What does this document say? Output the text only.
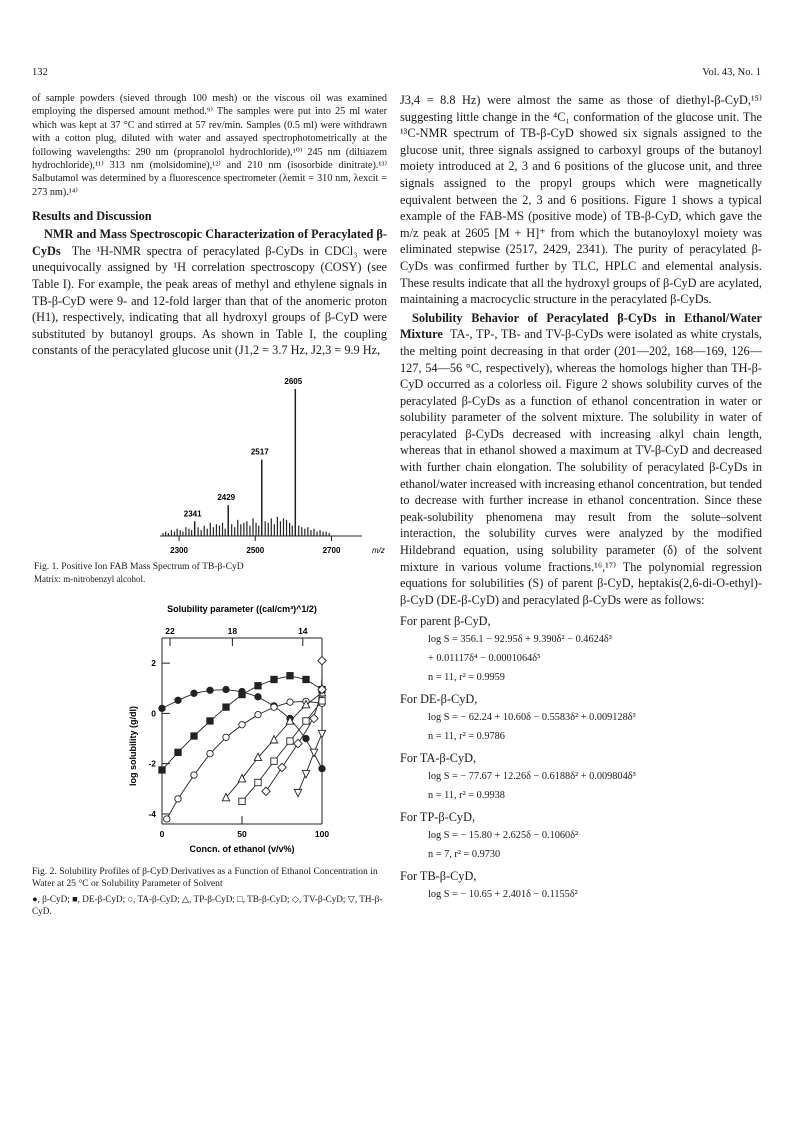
132	Vol. 43, No. 1

of sample powders (sieved through 100 mesh) or the viscous oil was examined employing the dispersed amount method.⁹⁾ The samples were put into 25 ml water which was kept at 37 °C and stirred at 57 rev/min. Samples (0.5 ml) were withdrawn with a cotton plug, diluted with water and assayed spectrophotometrically at the following wavelengths: 290 nm (propranolol hydrochloride),¹⁰⁾ 245 nm (diltiazem hydrochloride),¹¹⁾ 313 nm (molsidomine),¹²⁾ and 210 nm (isosorbide dinitrate).¹³⁾ Salbutamol was determined by a fluorescence spectrometer (λemit = 310 nm, λexcit = 273 nm).¹⁴⁾

Results and Discussion

NMR and Mass Spectroscopic Characterization of Peracylated β-CyDs The ¹H-NMR spectra of peracylated β-CyDs in CDCl₃ were unequivocally assigned by ¹H correlation spectroscopy (COSY) (see Table I). For example, the peak areas of methyl and ethylene signals in TB-β-CyD were 9- and 12-fold larger than that of the anomeric proton (H1), respectively, indicating that all hydroxyl groups of β-CyD were substituted by butanoyl groups. As shown in Table I, the coupling constants of the peracylated glucose unit (J1,2 = 3.7 Hz, J2,3 = 9.9 Hz,

2605
2517
2429
2341
2300	2500	2700	m/z

Fig. 1. Positive Ion FAB Mass Spectrum of TB-β-CyD

Matrix: m-nitrobenzyl alcohol.

Solubility parameter ((cal/cm³)^1/2)
22	18	14
0	50	100
2
0
-2
-4
Concn. of ethanol (v/v%)
log solubility (g/dl)

Fig. 2. Solubility Profiles of β-CyD Derivatives as a Function of Ethanol Concentration in Water at 25 °C or Solubility Parameter of Solvent

●, β-CyD; ■, DE-β-CyD; ○, TA-β-CyD; △, TP-β-CyD; □, TB-β-CyD; ◇, TV-β-CyD; ▽, TH-β-CyD.

J3,4 = 8.8 Hz) were almost the same as those of diethyl-β-CyD,¹⁵⁾ suggesting little change in the ⁴C₁ conformation of the glucose unit. The ¹³C-NMR spectrum of TB-β-CyD showed six signals assigned to the glucose unit, three signals assigned to carboxyl groups of the butanoyl moiety introduced at 2, 3 and 6 positions of the glucose unit, and three signals assigned to the propyl groups which were magnetically equivalent between the 2, 3 and 6 positions. Figure 1 shows a typical example of the FAB-MS (positive mode) of TB-β-CyD, which gave the m/z peak at 2605 [M + H]⁺ from which the butanoyloxyl moiety was eliminated stepwise (2517, 2429, 2341). The purity of peracylated β-CyDs was confirmed further by TLC, HPLC and elemental analysis. These results indicate that all the hydroxyl groups of β-CyD are acylated, maintaining a macrocyclic structure in the peracylated β-CyDs.

Solubility Behavior of Peracylated β-CyDs in Ethanol/Water Mixture TA-, TP-, TB- and TV-β-CyDs were isolated as white crystals, the melting point decreasing in that order (201—202, 168—169, 126—127, 54—56 °C, respectively), whereas the homologs higher than TH-β-CyD occurred as a colorless oil. Figure 2 shows solubility curves of the peracylated β-CyDs as a function of ethanol concentration in water or solubility parameter of the solvent mixture. The solubility in water of peracylated β-CyDs decreased with increasing alkyl chain length, whereas that in ethanol showed a maximum at TV-β-CyD and decreased with further chain elongation. The solubility of peracylated β-CyDs in ethanol/water increased with increasing ethanol concentration, but tended to decrease with further increase in ethanol concentration. Since these peak-solubility phenomena may result from the solute–solvent interaction, the solubility curves were analyzed by the modified Hildebrand equation, using solubility parameter (δ) of the solvent mixture in various volume fractions.¹⁶,¹⁷⁾ The polynomial regression equations for solubilities (S) of parent β-CyD, heptakis(2,6-di-O-ethyl)-β-CyD (DE-β-CyD) and peracylated β-CyDs were as follows:

For parent β-CyD,

log S = 356.1 − 92.95δ + 9.390δ² − 0.4624δ³
+ 0.01117δ⁴ − 0.0001064δ⁵
n = 11, r² = 0.9959

For DE-β-CyD,

log S = − 62.24 + 10.60δ − 0.5583δ² + 0.009128δ³
n = 11, r² = 0.9786

For TA-β-CyD,

log S = − 77.67 + 12.26δ − 0.6188δ² + 0.009804δ³
n = 11, r² = 0.9938

For TP-β-CyD,

log S = − 15.80 + 2.625δ − 0.1060δ²
n = 7, r² = 0.9730

For TB-β-CyD,

log S = − 10.65 + 2.401δ − 0.1155δ²
